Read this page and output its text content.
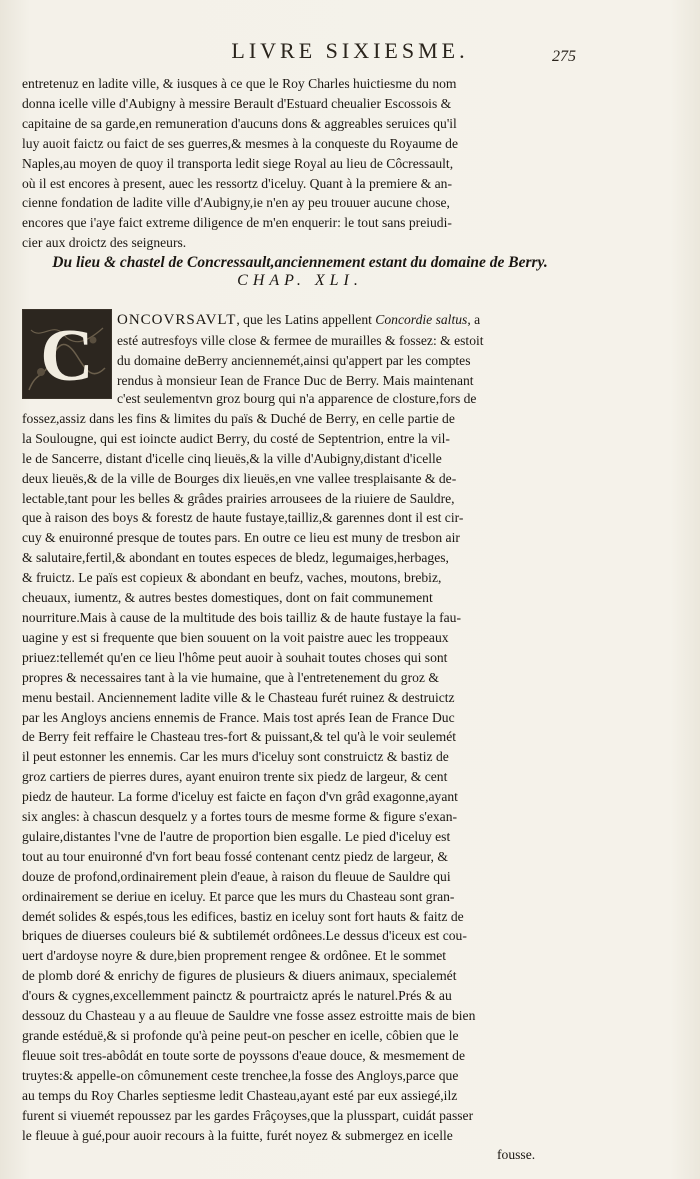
LIVRE SIXIESME.	275
entretenuz en ladite ville, & iusques à ce que le Roy Charles huictiesme du nom
donna icelle ville d'Aubigny à messire Berault d'Estuard cheualier Escossois &
capitaine de sa garde,en remuneration d'aucuns dons & aggreables seruices qu'il
luy auoit faictz ou faict de ses guerres,& mesmes à la conqueste du Royaume de
Naples,au moyen de quoy il transporta ledit siege Royal au lieu de Côcressault,
où il est encores à present, auec les ressortz d'iceluy. Quant à la premiere & an-
cienne fondation de ladite ville d'Aubigny,ie n'en ay peu trouuer aucune chose,
encores que i'aye faict extreme diligence de m'en enquerir: le tout sans preiudi-
cier aux droictz des seigneurs.
Du lieu & chastel de Concressault,anciennement estant du domaine de Berry.
CHAP. XLI.
C ONCOVRSAVLT, que les Latins appellent Concordie saltus, a
esté autresfoys ville close & fermee de murailles & fossez: & estoit
du domaine deBerry anciennemét,ainsi qu'appert par les comptes
rendus à monsieur Iean de France Duc de Berry. Mais maintenant
c'est seulementvn groz bourg qui n'a apparence de closture,fors de
fossez,assiz dans les fins & limites du païs & Duché de Berry, en celle partie de
la Soulougne, qui est ioincte audict Berry, du costé de Septentrion, entre la vil-
le de Sancerre, distant d'icelle cinq lieuës,& la ville d'Aubigny,distant d'icelle
deux lieuës,& de la ville de Bourges dix lieuës,en vne vallee tresplaisante & de-
lectable,tant pour les belles & grâdes prairies arrousees de la riuiere de Sauldre,
que à raison des boys & forestz de haute fustaye,tailliz,& garennes dont il est cir-
cuy & enuironné presque de toutes pars. En outre ce lieu est muny de tresbon air
& salutaire,fertil,& abondant en toutes especes de bledz, legumaiges,herbages,
& fruictz. Le païs est copieux & abondant en beufz, vaches, moutons, brebiz,
cheuaux, iumentz, & autres bestes domestiques, dont on fait communement
nourriture.Mais à cause de la multitude des bois tailliz & de haute fustaye la fau-
uagine y est si frequente que bien souuent on la voit paistre auec les troppeaux
priuez:tellemét qu'en ce lieu l'hôme peut auoir à souhait toutes choses qui sont
propres & necessaires tant à la vie humaine, que à l'entretenement du groz &
menu bestail. Anciennement ladite ville & le Chasteau furét ruinez & destruictz
par les Angloys anciens ennemis de France. Mais tost aprés Iean de France Duc
de Berry feit reffaire le Chasteau tres-fort & puissant,& tel qu'à le voir seulemét
il peut estonner les ennemis. Car les murs d'iceluy sont construictz & bastiz de
groz cartiers de pierres dures, ayant enuiron trente six piedz de largeur, & cent
piedz de hauteur. La forme d'iceluy est faicte en façon d'vn grâd exagonne,ayant
six angles: à chascun desquelz y a fortes tours de mesme forme & figure s'exan-
gulaire,distantes l'vne de l'autre de proportion bien esgalle. Le pied d'iceluy est
tout au tour enuironné d'vn fort beau fossé contenant centz piedz de largeur, &
douze de profond,ordinairement plein d'eaue, à raison du fleuue de Sauldre qui
ordinairement se deriue en iceluy. Et parce que les murs du Chasteau sont gran-
demét solides & espés,tous les edifices, bastiz en iceluy sont fort hauts & faitz de
briques de diuerses couleurs bié & subtilemét ordônees.Le dessus d'iceux est cou-
uert d'ardoyse noyre & dure,bien proprement rengee & ordônee. Et le sommet
de plomb doré & enrichy de figures de plusieurs & diuers animaux, specialemét
d'ours & cygnes,excellemment painctz & pourtraictz aprés le naturel.Prés & au
dessouz du Chasteau y a au fleuue de Sauldre vne fosse assez estroitte mais de bien
grande estéduë,& si profonde qu'à peine peut-on pescher en icelle, côbien que le
fleuue soit tres-abôdát en toute sorte de poyssons d'eaue douce, & mesmement de
truytes:& appelle-on cômunement ceste trenchee,la fosse des Angloys,parce que
au temps du Roy Charles septiesme ledit Chasteau,ayant esté par eux assiegé,ilz
furent si viuemét repoussez par les gardes Frâçoyses,que la plusspart, cuidát passer
le fleuue à gué,pour auoir recours à la fuitte, furét noyez & submergez en icelle
fousse.
